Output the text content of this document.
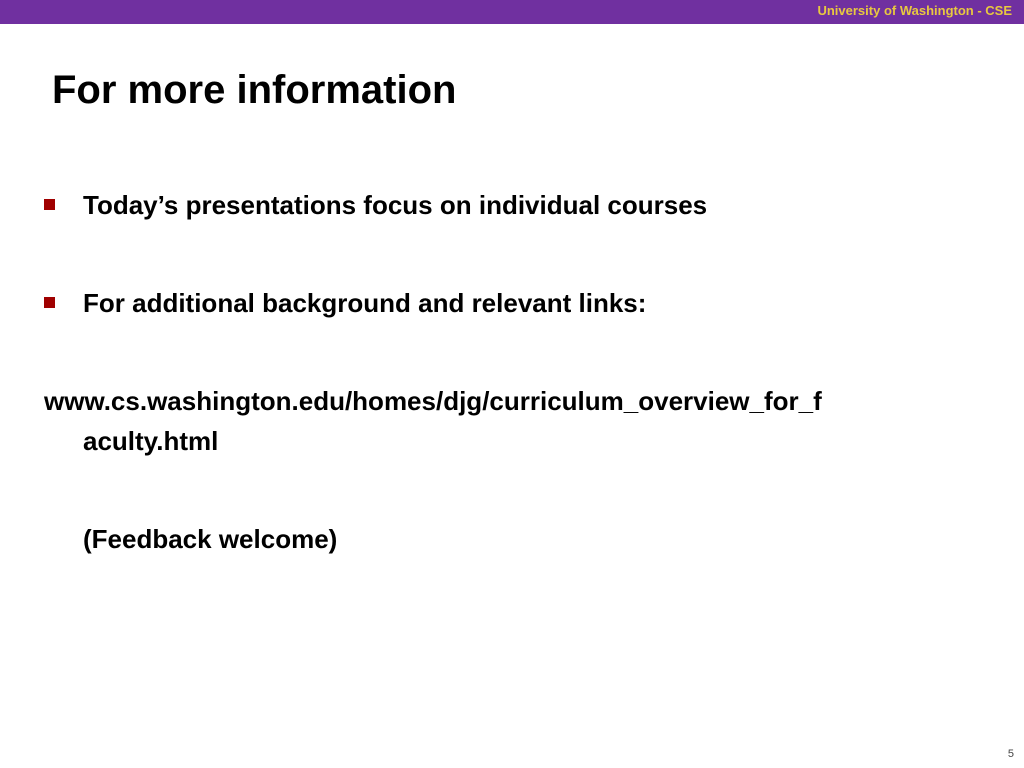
University of Washington - CSE
For more information
Today’s presentations focus on individual courses
For additional background and relevant links:
www.cs.washington.edu/homes/djg/curriculum_overview_for_f
aculty.html
(Feedback welcome)
5
